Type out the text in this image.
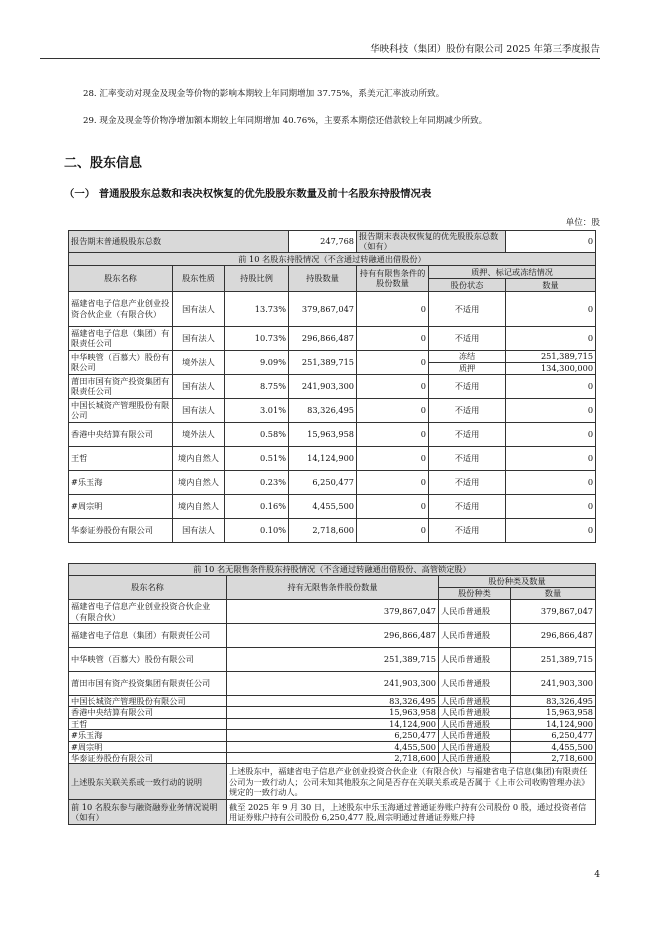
华映科技（集团）股份有限公司 2025 年第三季度报告
28. 汇率变动对现金及现金等价物的影响本期较上年同期增加 37.75%，系美元汇率波动所致。
29. 现金及现金等价物净增加额本期较上年同期增加 40.76%，主要系本期偿还借款较上年同期减少所致。
二、股东信息
（一） 普通股股东总数和表决权恢复的优先股股东数量及前十名股东持股情况表
单位：股
报告期末普通股股东总数			247,768	报告期末表决权恢复的优先股股东总数（如有）		0
前 10 名股东持股情况（不含通过转融通出借股份）						
股东名称	股东性质	持股比例	持股数量	持有有限售条件的股份数量	质押、标记或冻结情况	
					股份状态	数量
福建省电子信息产业创业投资合伙企业（有限合伙）	国有法人	13.73%	379,867,047	0	不适用	0
福建省电子信息（集团）有限责任公司	国有法人	10.73%	296,866,487	0	不适用	0
中华映管（百慕大）股份有限公司	境外法人	9.09%	251,389,715	0	冻结	251,389,715
					质押	134,300,000
莆田市国有资产投资集团有限责任公司	国有法人	8.75%	241,903,300	0	不适用	0
中国长城资产管理股份有限公司	国有法人	3.01%	83,326,495	0	不适用	0
香港中央结算有限公司	境外法人	0.58%	15,963,958	0	不适用	0
王哲	境内自然人	0.51%	14,124,900	0	不适用	0
#乐玉海	境内自然人	0.23%	6,250,477	0	不适用	0
#周宗明	境内自然人	0.16%	4,455,500	0	不适用	0
华泰证券股份有限公司	国有法人	0.10%	2,718,600	0	不适用	0
前 10 名无限售条件股东持股情况（不含通过转融通出借股份、高管锁定股）			
股东名称	持有无限售条件股份数量	股份种类及数量	
		股份种类	数量
福建省电子信息产业创业投资合伙企业（有限合伙）	379,867,047	人民币普通股	379,867,047
福建省电子信息（集团）有限责任公司	296,866,487	人民币普通股	296,866,487
中华映管（百慕大）股份有限公司	251,389,715	人民币普通股	251,389,715
莆田市国有资产投资集团有限责任公司	241,903,300	人民币普通股	241,903,300
中国长城资产管理股份有限公司	83,326,495	人民币普通股	83,326,495
香港中央结算有限公司	15,963,958	人民币普通股	15,963,958
王哲	14,124,900	人民币普通股	14,124,900
#乐玉海	6,250,477	人民币普通股	6,250,477
#周宗明	4,455,500	人民币普通股	4,455,500
华泰证券股份有限公司	2,718,600	人民币普通股	2,718,600
上述股东关联关系或一致行动的说明	上述股东中，福建省电子信息产业创业投资合伙企业（有限合伙）与福建省电子信息(集团)有限责任公司为一致行动人；公司未知其他股东之间是否存在关联关系或是否属于《上市公司收购管理办法》规定的一致行动人。		
前 10 名股东参与融资融券业务情况说明（如有）	截至 2025 年 9 月 30 日，上述股东中乐玉海通过普通证券账户持有公司股份 0 股，通过投资者信用证券账户持有公司股份 6,250,477 股,周宗明通过普通证券账户持		
4
